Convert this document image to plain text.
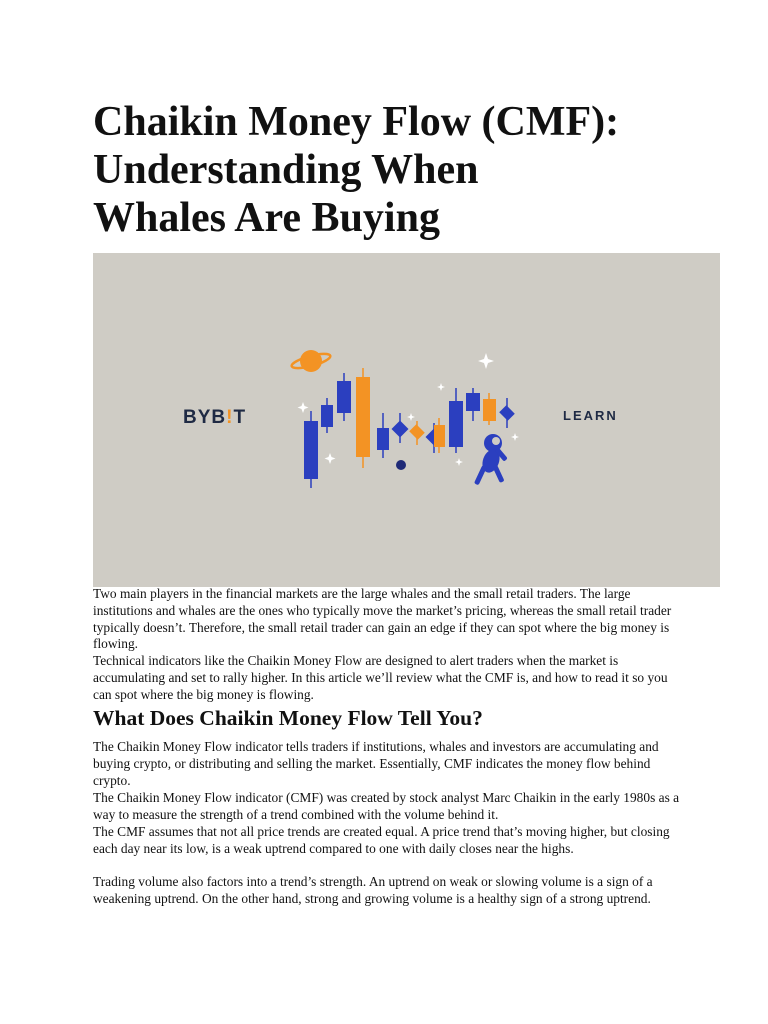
Chaikin Money Flow (CMF):
Understanding When
Whales Are Buying
BYB!T	LEARN

Two main players in the financial markets are the large whales and the small retail traders. The large institutions and whales are the ones who typically move the market’s pricing, whereas the small retail trader typically doesn’t. Therefore, the small retail trader can gain an edge if they can spot where the big money is flowing.

Technical indicators like the Chaikin Money Flow are designed to alert traders when the market is accumulating and set to rally higher. In this article we’ll review what the CMF is, and how to read it so you can spot where the big money is flowing.

What Does Chaikin Money Flow Tell You?

The Chaikin Money Flow indicator tells traders if institutions, whales and investors are accumulating and buying crypto, or distributing and selling the market. Essentially, CMF indicates the money flow behind crypto.

The Chaikin Money Flow indicator (CMF) was created by stock analyst Marc Chaikin in the early 1980s as a way to measure the strength of a trend combined with the volume behind it.

The CMF assumes that not all price trends are created equal. A price trend that’s moving higher, but closing each day near its low, is a weak uptrend compared to one with daily closes near the highs.

Trading volume also factors into a trend’s strength. An uptrend on weak or slowing volume is a sign of a weakening uptrend. On the other hand, strong and growing volume is a healthy sign of a strong uptrend.
